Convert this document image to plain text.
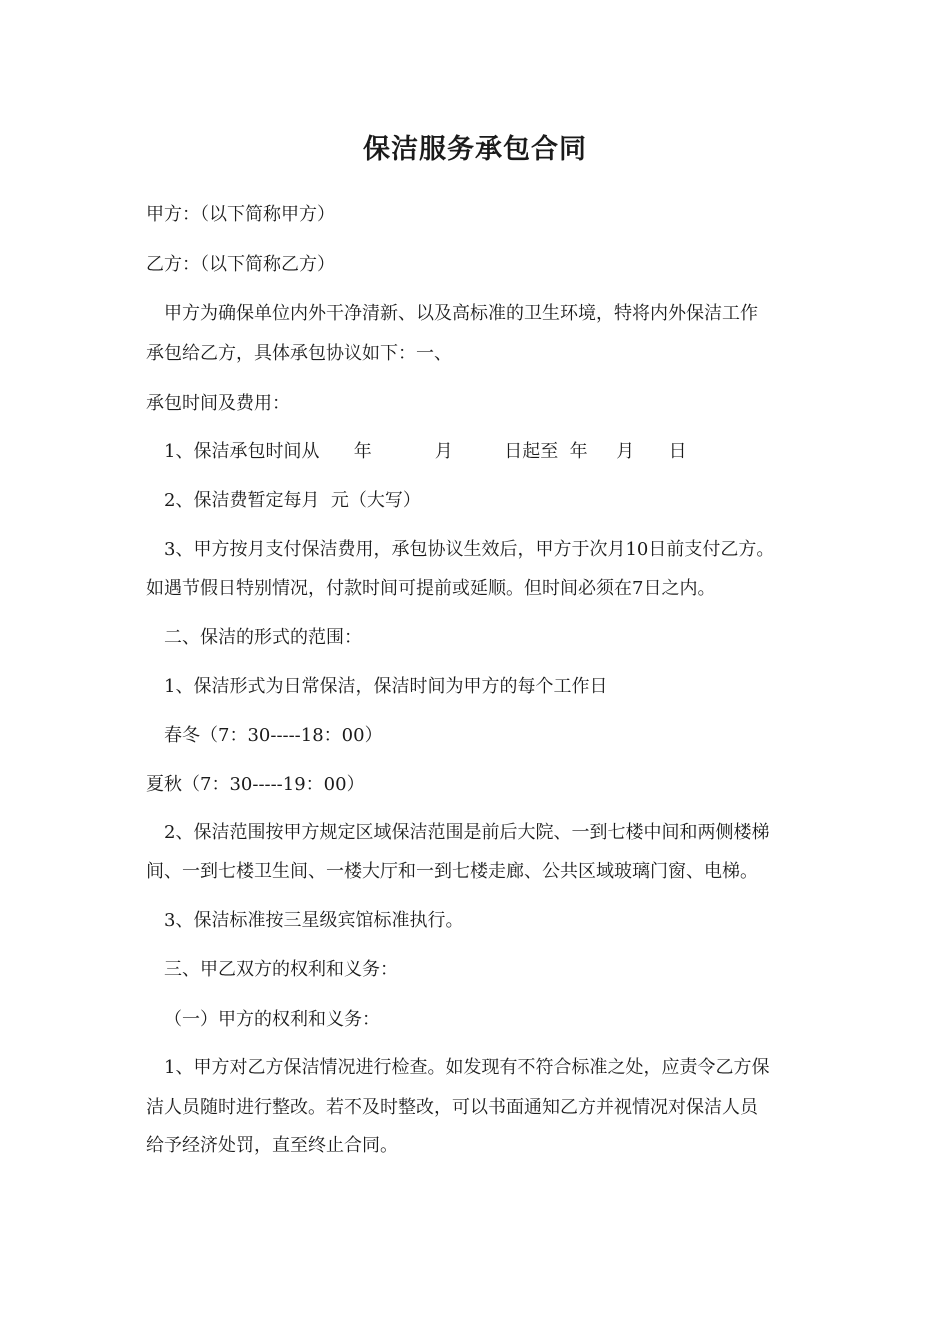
保洁服务承包合同
甲方：（以下简称甲方）
乙方：（以下简称乙方）
甲方为确保单位内外干净清新、以及高标准的卫生环境，特将内外保洁工作
承包给乙方，具体承包协议如下：一、
承包时间及费用：
1、保洁承包时间从      年           月         日起至  年     月      日
2、保洁费暂定每月  元（大写）
3、甲方按月支付保洁费用，承包协议生效后，甲方于次月10日前支付乙方。
如遇节假日特别情况，付款时间可提前或延顺。但时间必须在7日之内。
二、保洁的形式的范围：
1、保洁形式为日常保洁，保洁时间为甲方的每个工作日
春冬（7：30-----18：00）
夏秋（7：30-----19：00）
2、保洁范围按甲方规定区域保洁范围是前后大院、一到七楼中间和两侧楼梯
间、一到七楼卫生间、一楼大厅和一到七楼走廊、公共区域玻璃门窗、电梯。
3、保洁标准按三星级宾馆标准执行。
三、甲乙双方的权利和义务：
（一）甲方的权利和义务：
1、甲方对乙方保洁情况进行检查。如发现有不符合标准之处，应责令乙方保
洁人员随时进行整改。若不及时整改，可以书面通知乙方并视情况对保洁人员
给予经济处罚，直至终止合同。
